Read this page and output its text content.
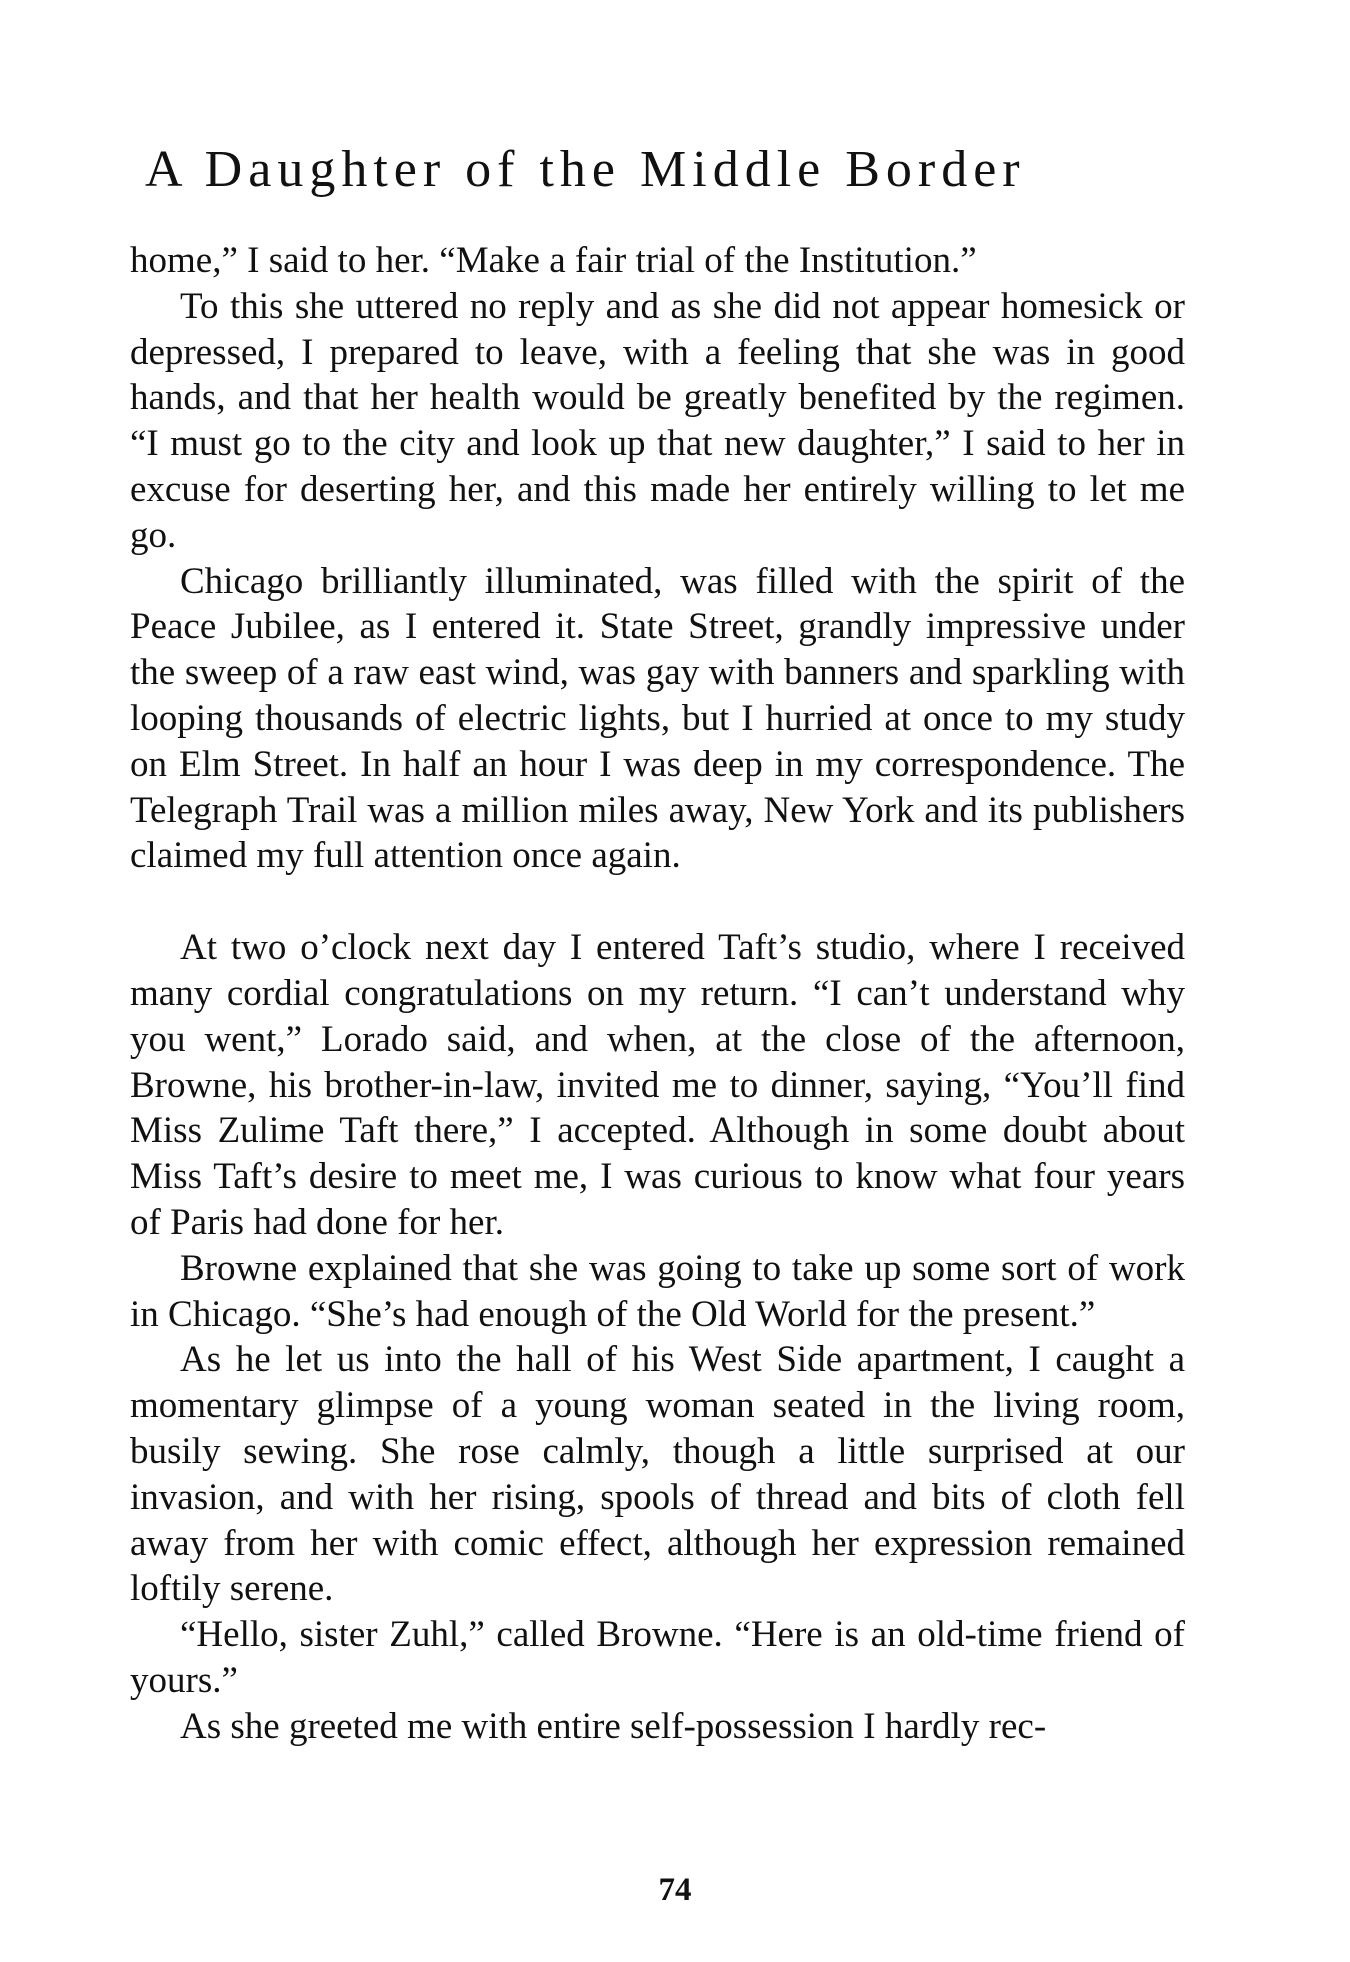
A Daughter of the Middle Border

home,” I said to her. “Make a fair trial of the Institution.”

To this she uttered no reply and as she did not appear homesick or depressed, I prepared to leave, with a feeling that she was in good hands, and that her health would be greatly benefited by the regimen. “I must go to the city and look up that new daughter,” I said to her in excuse for deserting her, and this made her entirely willing to let me go.

Chicago brilliantly illuminated, was filled with the spirit of the Peace Jubilee, as I entered it. State Street, grandly impressive under the sweep of a raw east wind, was gay with banners and sparkling with looping thousands of electric lights, but I hurried at once to my study on Elm Street. In half an hour I was deep in my correspondence. The Telegraph Trail was a million miles away, New York and its publishers claimed my full attention once again.

At two o’clock next day I entered Taft’s studio, where I received many cordial congratulations on my return. “I can’t understand why you went,” Lorado said, and when, at the close of the afternoon, Browne, his brother-in-law, invited me to dinner, saying, “You’ll find Miss Zulime Taft there,” I accepted. Although in some doubt about Miss Taft’s desire to meet me, I was curious to know what four years of Paris had done for her.

Browne explained that she was going to take up some sort of work in Chicago. “She’s had enough of the Old World for the present.”

As he let us into the hall of his West Side apartment, I caught a momentary glimpse of a young woman seated in the living room, busily sewing. She rose calmly, though a little surprised at our invasion, and with her rising, spools of thread and bits of cloth fell away from her with comic effect, although her expression remained loftily serene.

“Hello, sister Zuhl,” called Browne. “Here is an old-time friend of yours.”

As she greeted me with entire self-possession I hardly rec-

74
